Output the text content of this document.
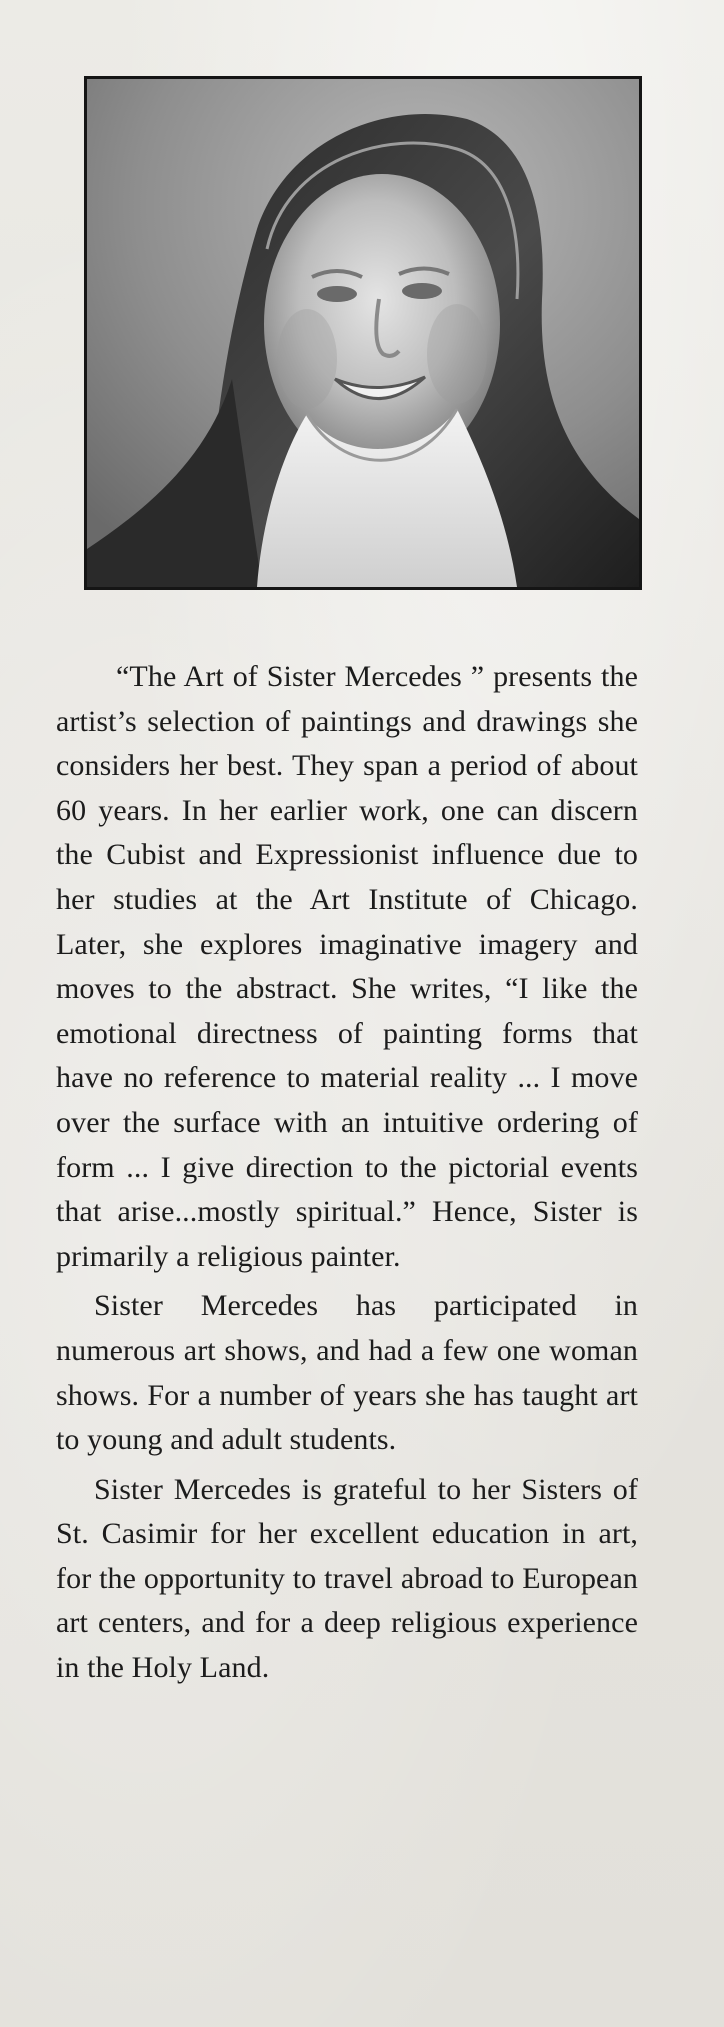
“The Art of Sister Mercedes ” presents the artist’s selection of paintings and drawings she considers her best. They span a period of about 60 years. In her earlier work, one can discern the Cubist and Expressionist influence due to her studies at the Art Institute of Chicago. Later, she explores imaginative imagery and moves to the abstract. She writes, “I like the emotional directness of painting forms that have no reference to material reality ... I move over the surface with an intuitive ordering of form ... I give direction to the pictorial events that arise...mostly spiritual.” Hence, Sister is primarily a religious painter.

Sister Mercedes has participated in numerous art shows, and had a few one woman shows. For a number of years she has taught art to young and adult students.

Sister Mercedes is grateful to her Sisters of St. Casimir for her excellent education in art, for the opportunity to travel abroad to European art centers, and for a deep religious experience in the Holy Land.
